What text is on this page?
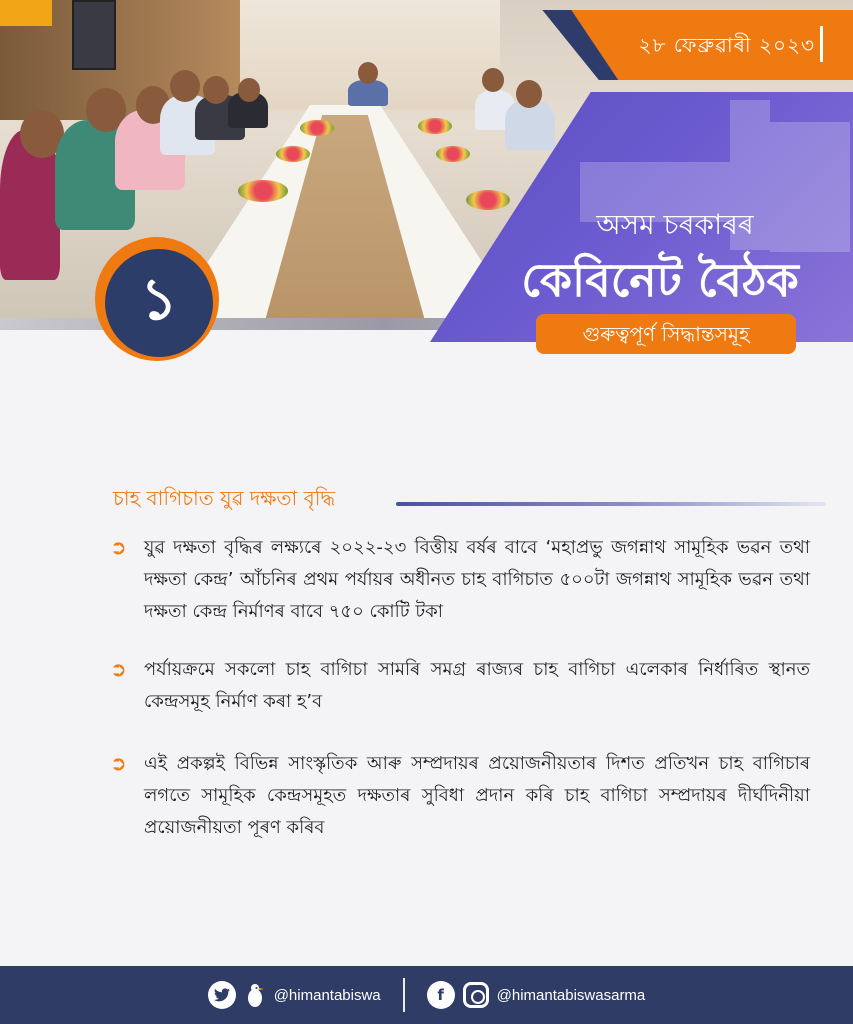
১
২৮ ফেব্ৰুৱাৰী ২০২৩
অসম চৰকাৰৰ
কেবিনেট বৈঠক
গুৰুত্বপূৰ্ণ সিদ্ধান্তসমূহ
চাহ বাগিচাত যুৱ দক্ষতা বৃদ্ধি
➲ যুৱ দক্ষতা বৃদ্ধিৰ লক্ষ্যৰে ২০২২-২৩ বিত্তীয় বৰ্ষৰ বাবে ‘মহাপ্ৰভু জগন্নাথ সামূহিক ভৱন তথা দক্ষতা কেন্দ্ৰ’ আঁচনিৰ প্ৰথম পৰ্যায়ৰ অধীনত চাহ বাগিচাত ৫০০টা জগন্নাথ সামূহিক ভৱন তথা দক্ষতা কেন্দ্ৰ নিৰ্মাণৰ বাবে ৭৫০ কোটি টকা

➲ পৰ্যায়ক্ৰমে সকলো চাহ বাগিচা সামৰি সমগ্ৰ ৰাজ্যৰ চাহ বাগিচা এলেকাৰ নিৰ্ধাৰিত স্থানত কেন্দ্ৰসমূহ নিৰ্মাণ কৰা হ’ব

➲ এই প্ৰকল্পই বিভিন্ন সাংস্কৃতিক আৰু সম্প্ৰদায়ৰ প্ৰয়োজনীয়তাৰ দিশত প্ৰতিখন চাহ বাগিচাৰ লগতে সামূহিক কেন্দ্ৰসমূহত দক্ষতাৰ সুবিধা প্ৰদান কৰি চাহ বাগিচা সম্প্ৰদায়ৰ দীৰ্ঘদিনীয়া প্ৰয়োজনীয়তা পূৰণ কৰিব

@himantabiswa	f	@himantabiswasarma
